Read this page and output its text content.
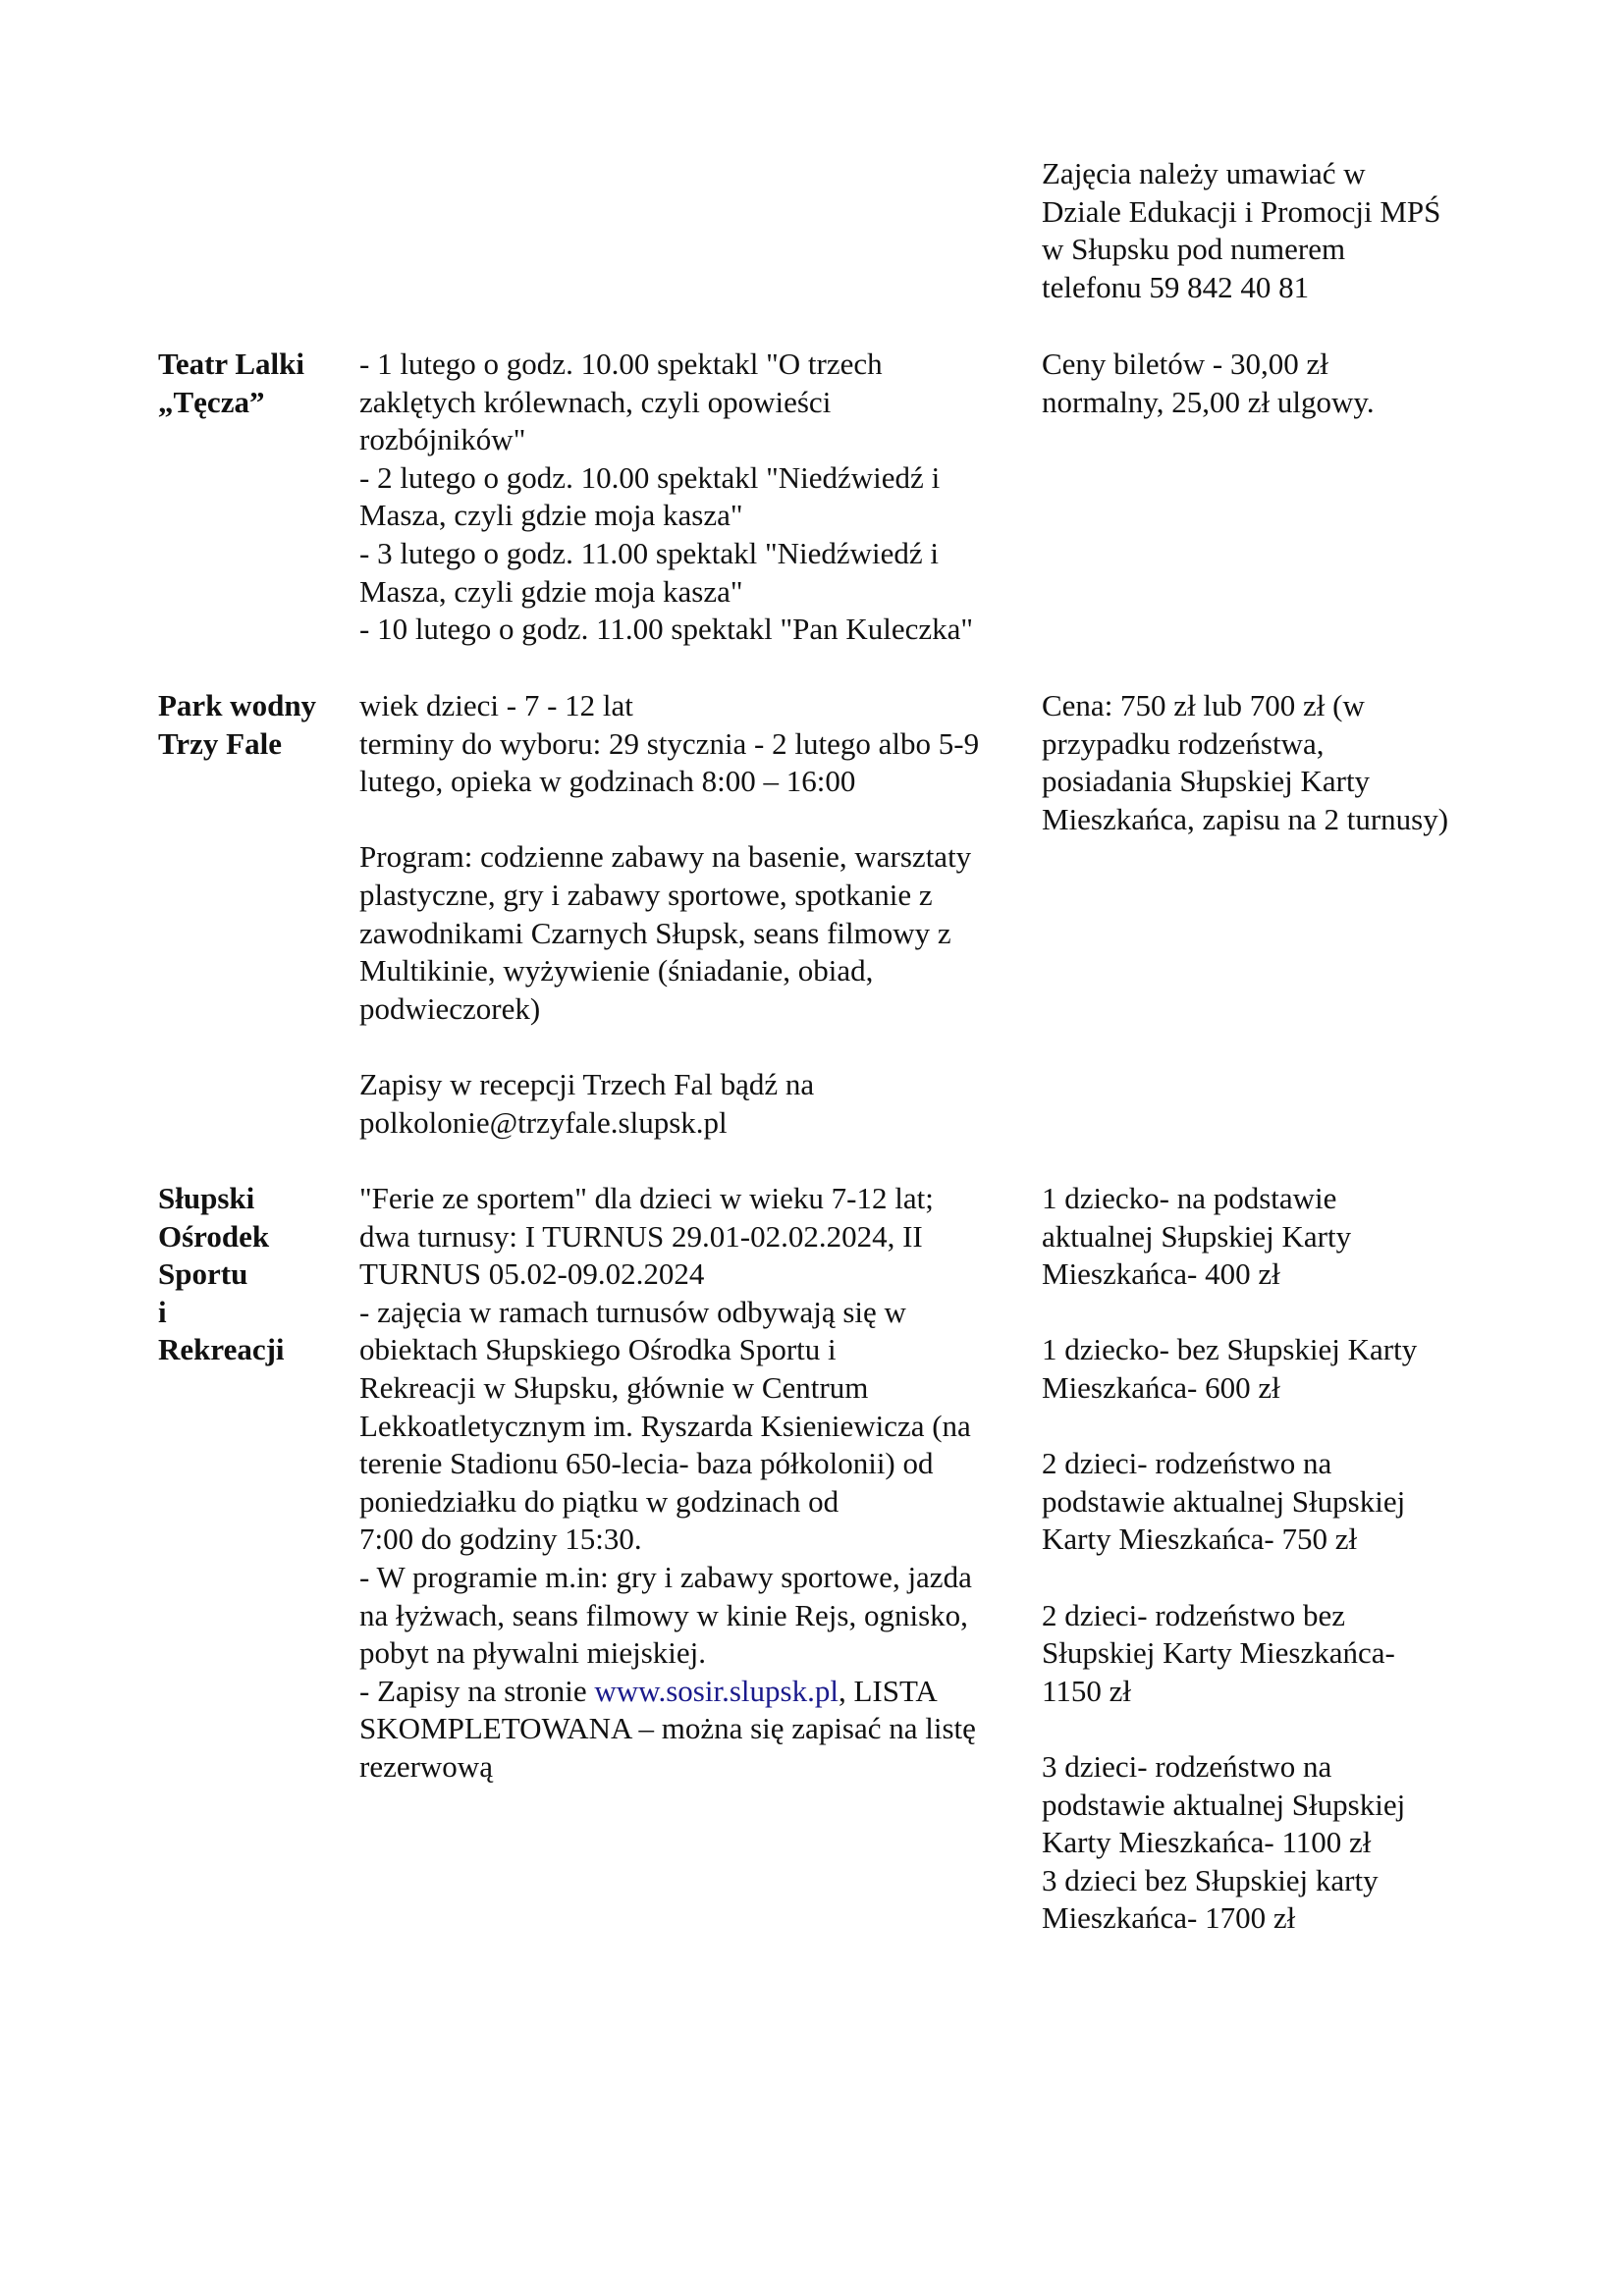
Zajęcia należy umawiać w
Dziale Edukacji i Promocji MPŚ
w Słupsku pod numerem
telefonu 59 842 40 81

Teatr Lalki
„Tęcza”

- 1 lutego o godz. 10.00 spektakl "O trzech
zaklętych królewnach, czyli opowieści
rozbójników"
- 2 lutego o godz. 10.00 spektakl "Niedźwiedź i
Masza, czyli gdzie moja kasza"
- 3 lutego o godz. 11.00 spektakl "Niedźwiedź i
Masza, czyli gdzie moja kasza"
- 10 lutego o godz. 11.00 spektakl "Pan Kuleczka"

Ceny biletów - 30,00 zł
normalny, 25,00 zł ulgowy.

Park wodny
Trzy Fale

wiek dzieci - 7 - 12 lat
terminy do wyboru: 29 stycznia - 2 lutego albo 5-9
lutego, opieka w godzinach 8:00 – 16:00

Program: codzienne zabawy na basenie, warsztaty
plastyczne, gry i zabawy sportowe, spotkanie z
zawodnikami Czarnych Słupsk, seans filmowy z
Multikinie, wyżywienie (śniadanie, obiad,
podwieczorek)

Zapisy w recepcji Trzech Fal bądź na
polkolonie@trzyfale.slupsk.pl

Cena: 750 zł lub 700 zł (w
przypadku rodzeństwa,
posiadania Słupskiej Karty
Mieszkańca, zapisu na 2 turnusy)

Słupski
Ośrodek
Sportu
i
Rekreacji

"Ferie ze sportem" dla dzieci w wieku 7-12 lat;
dwa turnusy: I TURNUS 29.01-02.02.2024, II
TURNUS 05.02-09.02.2024
- zajęcia w ramach turnusów odbywają się w
obiektach Słupskiego Ośrodka Sportu i
Rekreacji w Słupsku, głównie w Centrum
Lekkoatletycznym im. Ryszarda Ksieniewicza (na
terenie Stadionu 650-lecia- baza półkolonii) od
poniedziałku do piątku w godzinach od
7:00 do godziny 15:30.
- W programie m.in: gry i zabawy sportowe, jazda
na łyżwach, seans filmowy w kinie Rejs, ognisko,
pobyt na pływalni miejskiej.
- Zapisy na stronie www.sosir.slupsk.pl, LISTA
SKOMPLETOWANA – można się zapisać na listę
rezerwową

1 dziecko- na podstawie
aktualnej Słupskiej Karty
Mieszkańca- 400 zł

1 dziecko- bez Słupskiej Karty
Mieszkańca- 600 zł

2 dzieci- rodzeństwo na
podstawie aktualnej Słupskiej
Karty Mieszkańca- 750 zł

2 dzieci- rodzeństwo bez
Słupskiej Karty Mieszkańca-
1150 zł

3 dzieci- rodzeństwo na
podstawie aktualnej Słupskiej
Karty Mieszkańca- 1100 zł
3 dzieci bez Słupskiej karty
Mieszkańca- 1700 zł
